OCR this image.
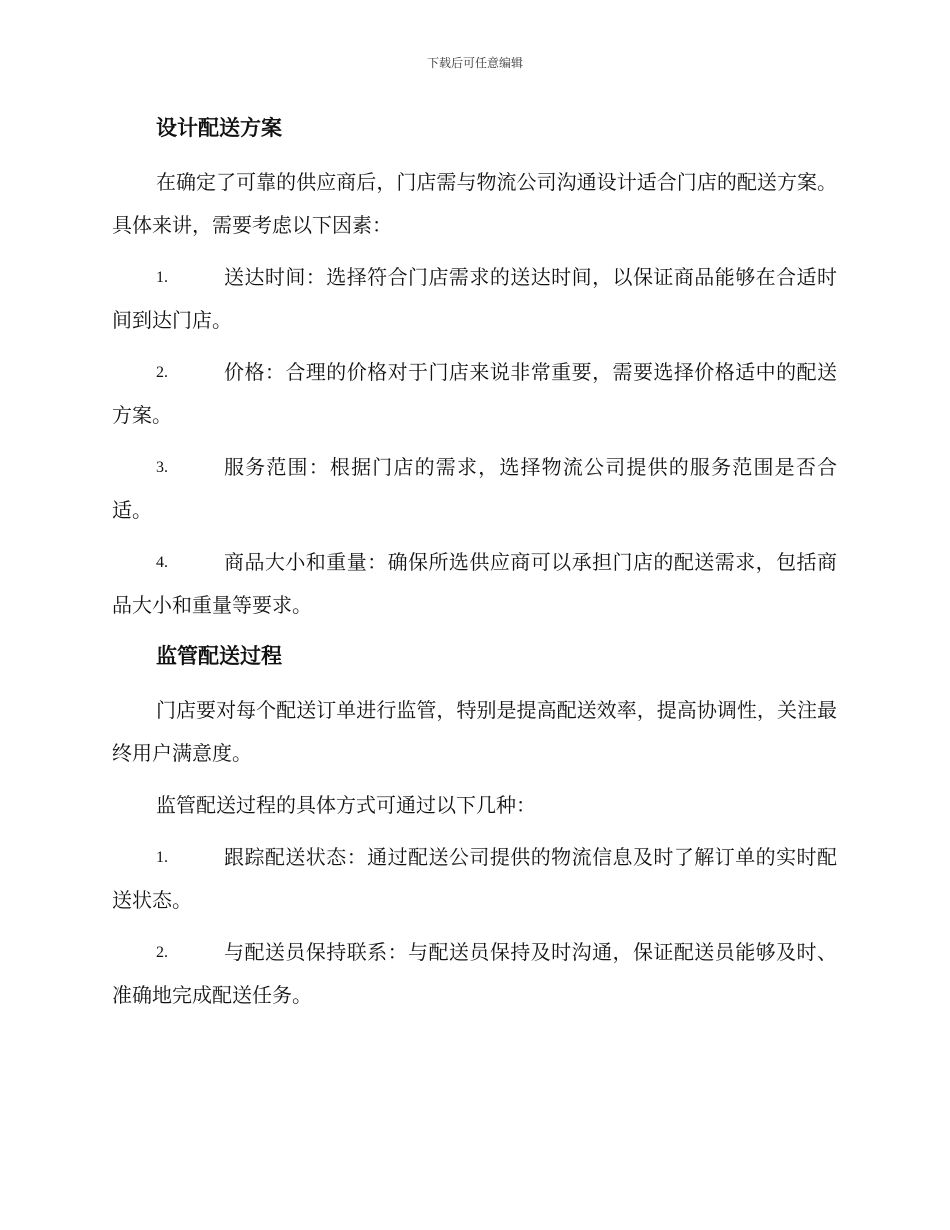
下载后可任意编辑
设计配送方案

在确定了可靠的供应商后，门店需与物流公司沟通设计适合门店的配送方案。具体来讲，需要考虑以下因素：

1.	送达时间：选择符合门店需求的送达时间，以保证商品能够在合适时间到达门店。
2.	价格：合理的价格对于门店来说非常重要，需要选择价格适中的配送方案。
3.	服务范围：根据门店的需求，选择物流公司提供的服务范围是否合适。
4.	商品大小和重量：确保所选供应商可以承担门店的配送需求，包括商品大小和重量等要求。
监管配送过程

门店要对每个配送订单进行监管，特别是提高配送效率，提高协调性，关注最终用户满意度。

监管配送过程的具体方式可通过以下几种：

1.	跟踪配送状态：通过配送公司提供的物流信息及时了解订单的实时配送状态。
2.	与配送员保持联系：与配送员保持及时沟通，保证配送员能够及时、准确地完成配送任务。
